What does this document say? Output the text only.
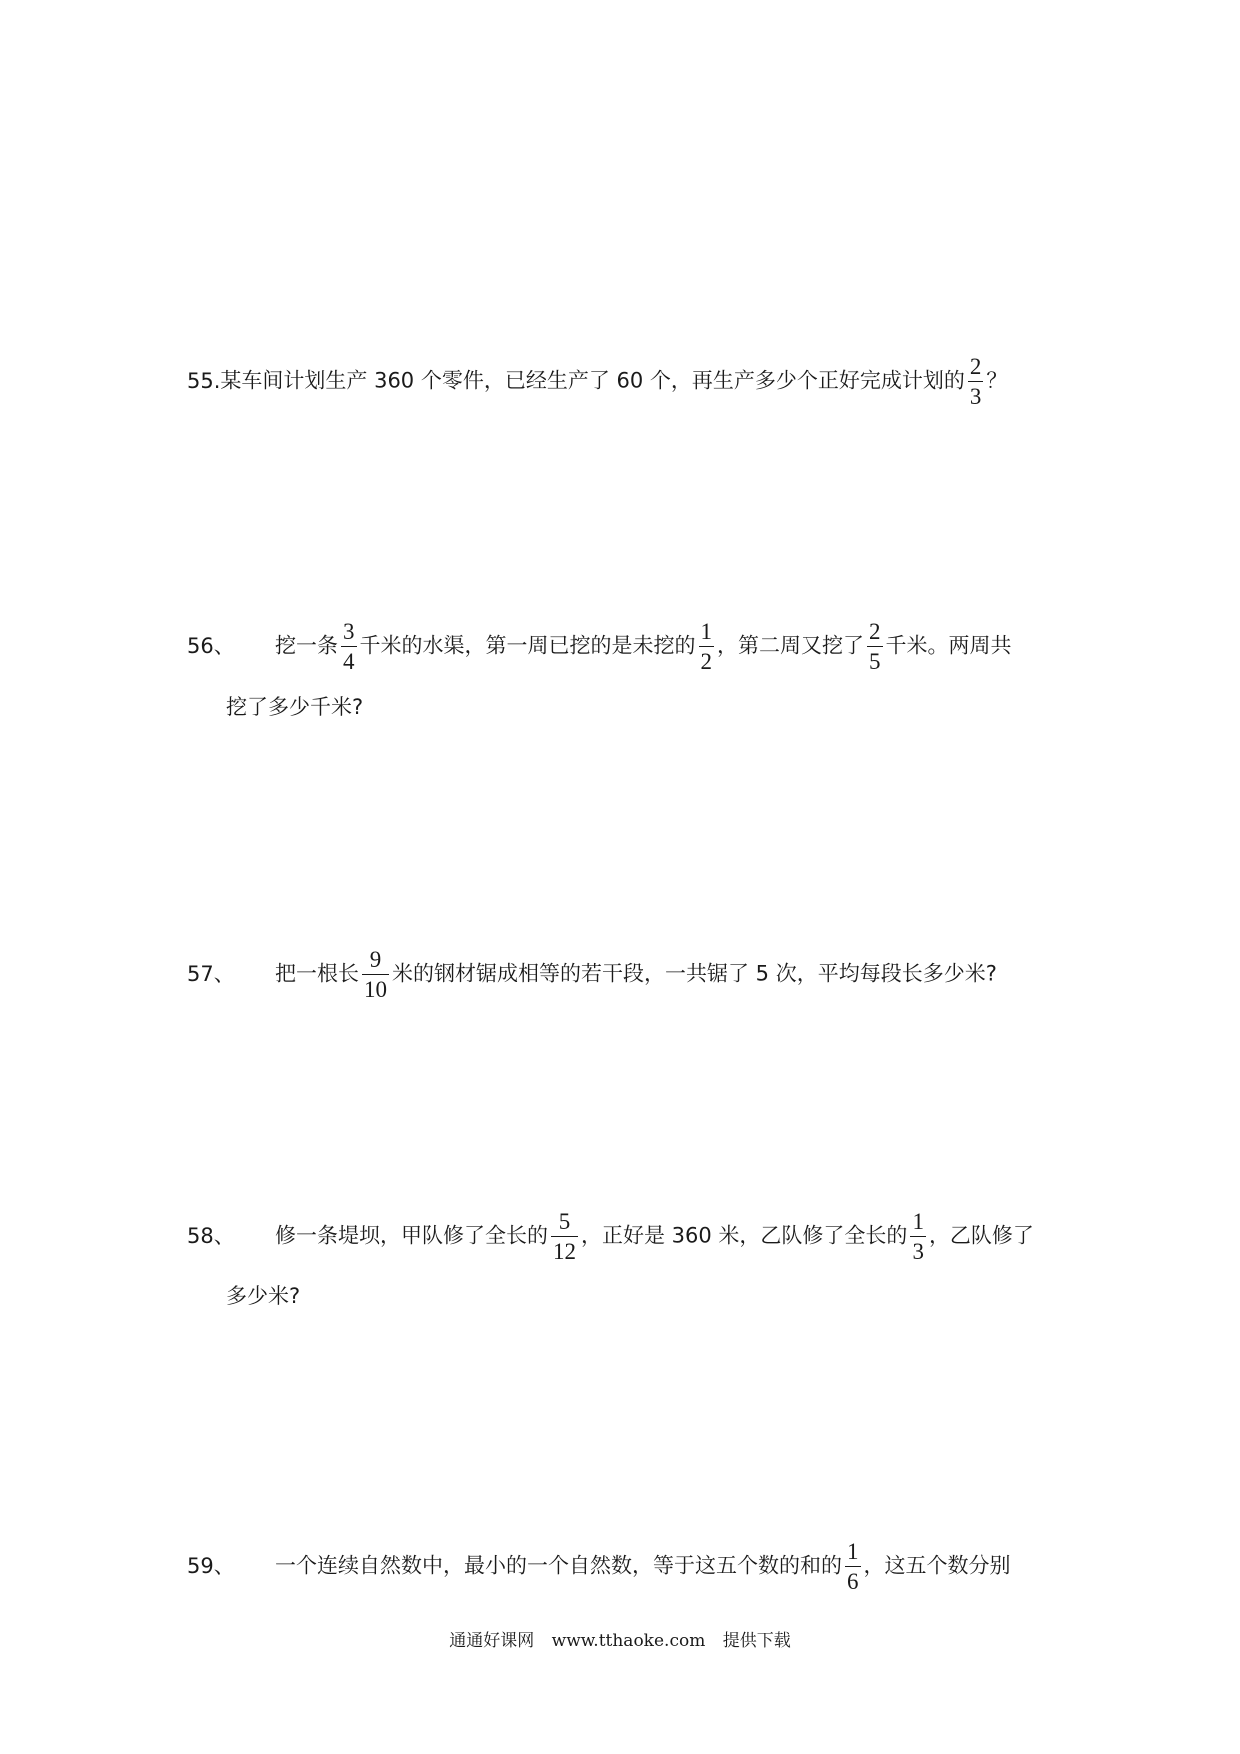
55.某车间计划生产 360 个零件，已经生产了 60 个，再生产多少个正好完成计划的 $\frac{2}{3}$ ？
56、 挖一条 $\frac{3}{4}$ 千米的水渠，第一周已挖的是未挖的 $\frac{1}{2}$ ，第二周又挖了 $\frac{2}{5}$ 千米。两周共
挖了多少千米?
57、 把一根长 $\frac{9}{10}$ 米的钢材锯成相等的若干段，一共锯了 5 次，平均每段长多少米?
58、 修一条堤坝，甲队修了全长的 $\frac{5}{12}$ ，正好是 360 米，乙队修了全长的 $\frac{1}{3}$ ，乙队修了
多少米?
59、 一个连续自然数中，最小的一个自然数，等于这五个数的和的 $\frac{1}{6}$ ，这五个数分别
通通好课网 www.tthaoke.com 提供下载
